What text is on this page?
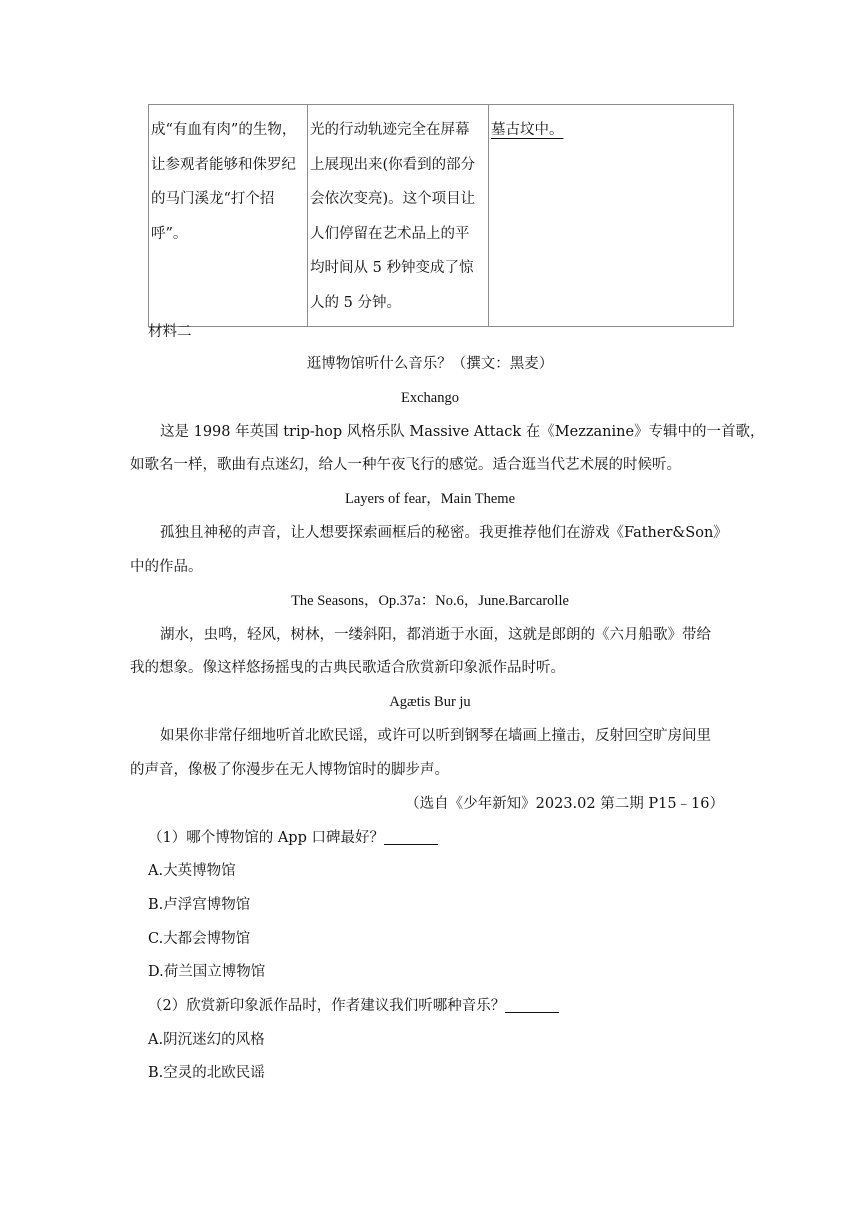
成“有血有肉”的生物，
让参观者能够和侏罗纪
的马门溪龙“打个招
呼”。	光的行动轨迹完全在屏幕
上展现出来(你看到的部分
会依次变亮)。这个项目让
人们停留在艺术品上的平
均时间从 5 秒钟变成了惊
人的 5 分钟。	墓古坟中。
材料二
逛博物馆听什么音乐？（撰文：黑麦）
Exchango
这是 1998 年英国 trip-hop 风格乐队 Massive Attack 在《Mezzanine》专辑中的一首歌，
如歌名一样，歌曲有点迷幻，给人一种午夜飞行的感觉。适合逛当代艺术展的时候听。
Layers of fear，Main Theme
孤独且神秘的声音，让人想要探索画框后的秘密。我更推荐他们在游戏《Father&Son》
中的作品。
The Seasons，Op.37a：No.6，June.Barcarolle
湖水，虫鸣，轻风，树林，一缕斜阳，都消逝于水面，这就是郎朗的《六月船歌》带给
我的想象。像这样悠扬摇曳的古典民歌适合欣赏新印象派作品时听。
Agætis Bur ju
如果你非常仔细地听首北欧民谣，或许可以听到钢琴在墙画上撞击，反射回空旷房间里
的声音，像极了你漫步在无人博物馆时的脚步声。
（选自《少年新知》2023.02 第二期 P15﹣16）
（1）哪个博物馆的 App 口碑最好？
A.大英博物馆
B.卢浮宫博物馆
C.大都会博物馆
D.荷兰国立博物馆
（2）欣赏新印象派作品时，作者建议我们听哪种音乐？
A.阴沉迷幻的风格
B.空灵的北欧民谣
